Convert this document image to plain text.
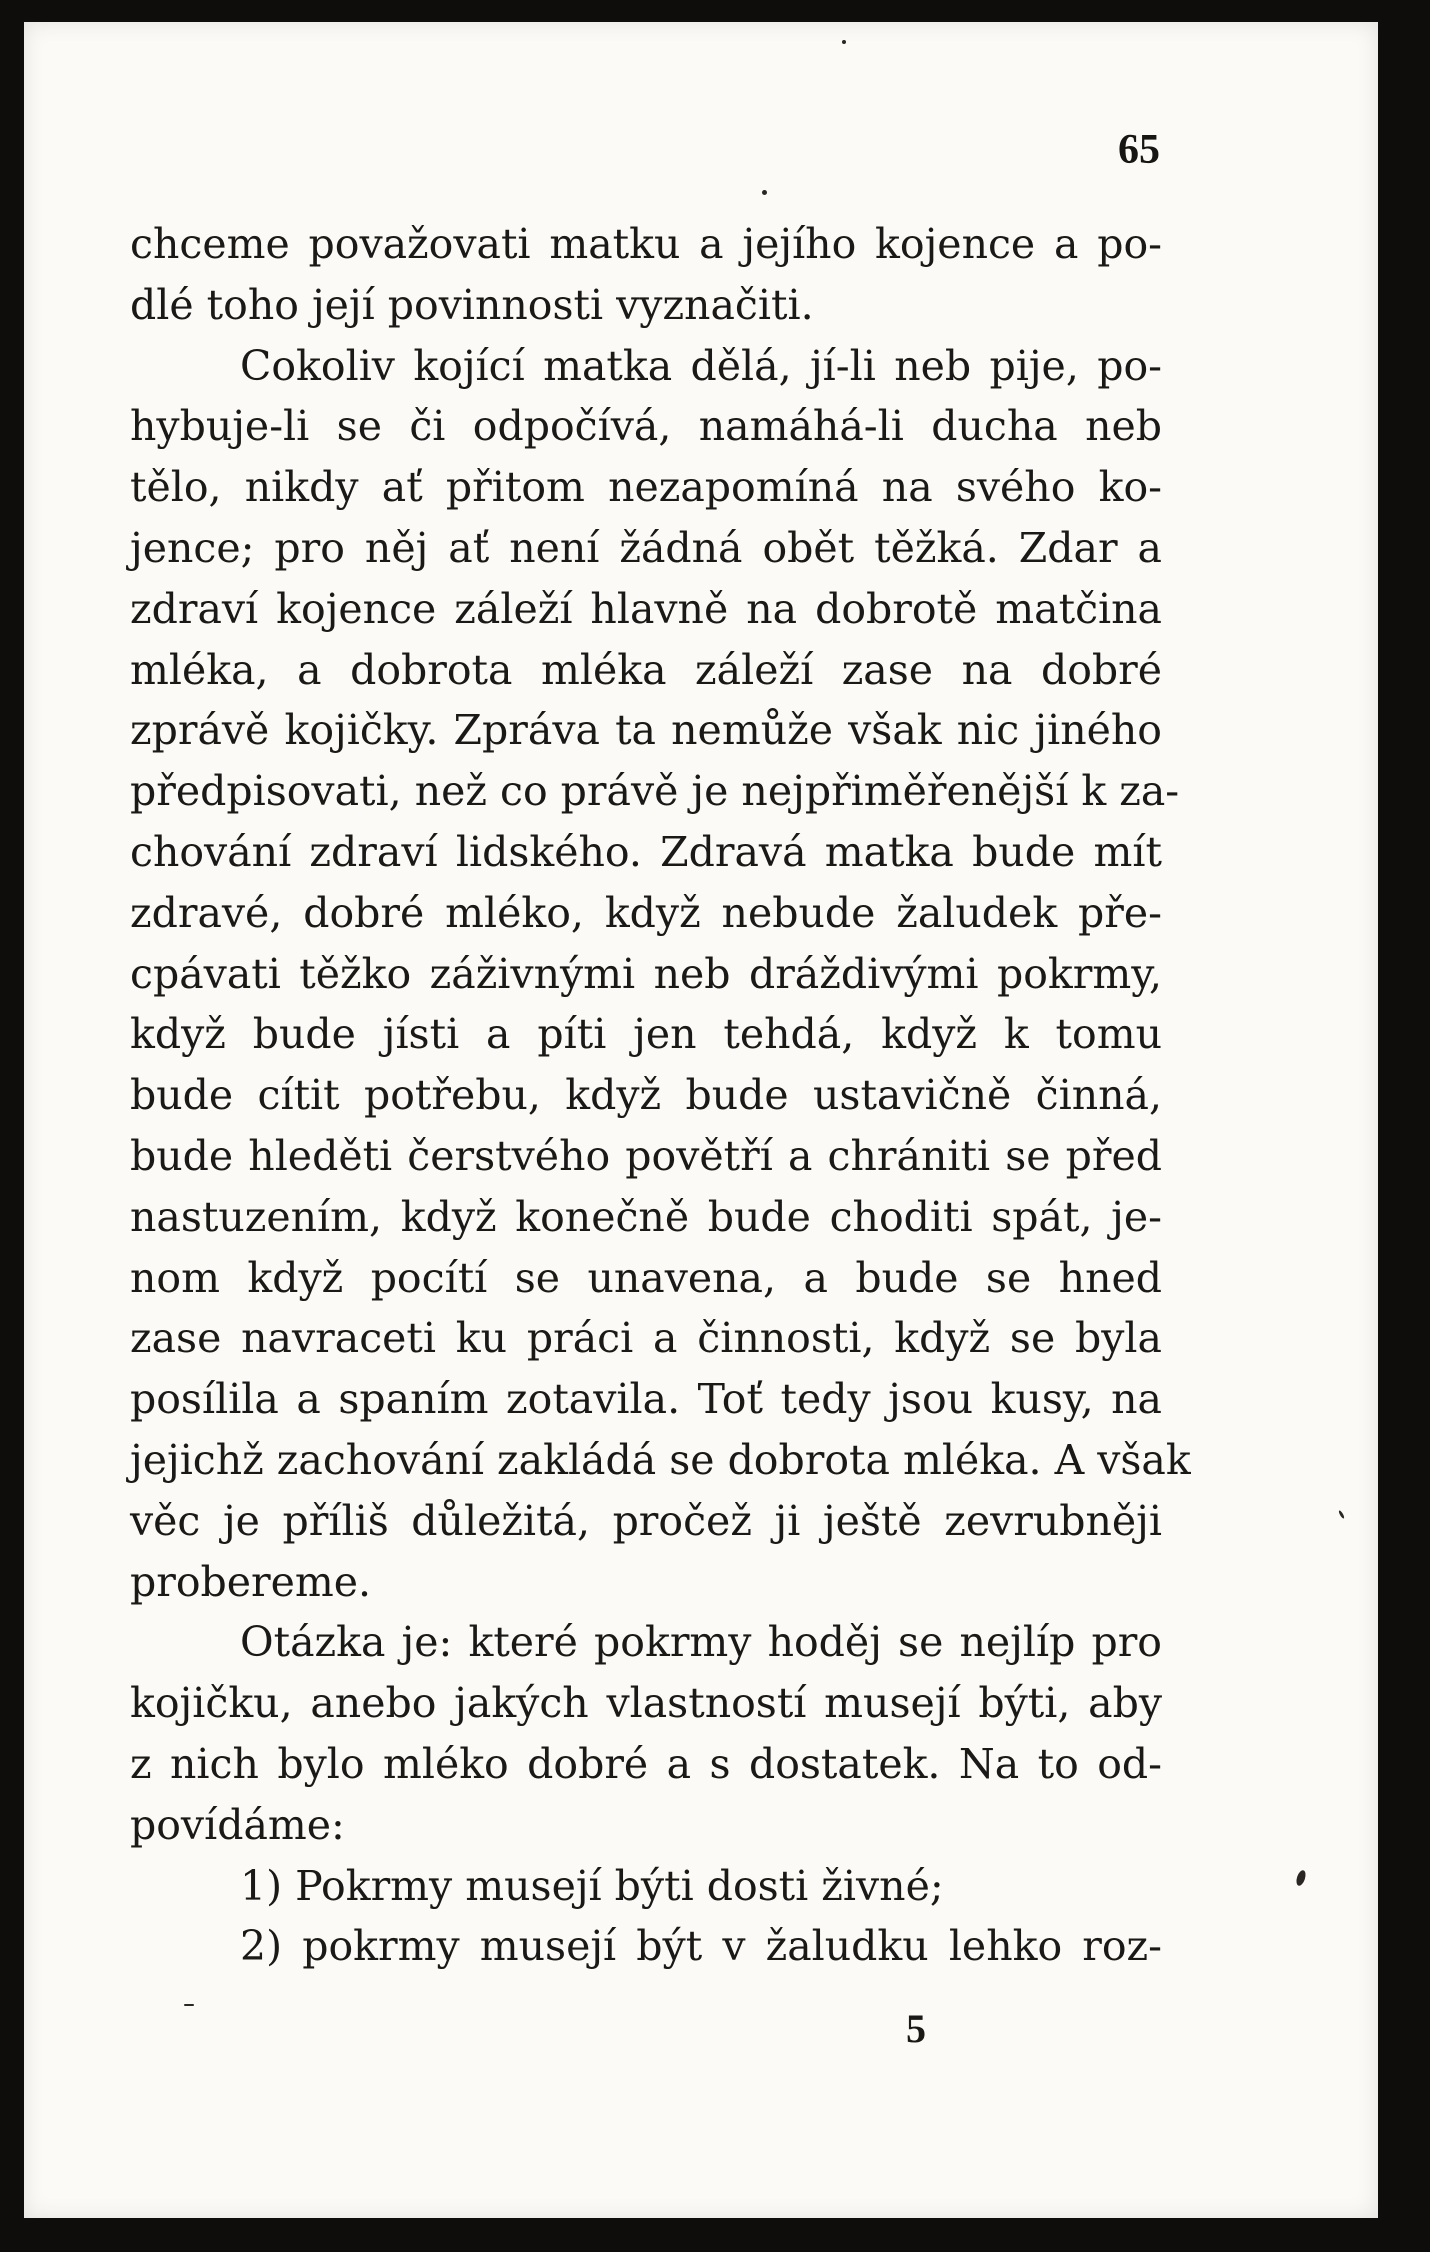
65
chceme považovati matku a jejího kojence a po-
dlé toho její povinnosti vyznačiti.
Cokoliv kojící matka dělá, jí-li neb pije, po-
hybuje-li se či odpočívá, namáhá-li ducha neb
tělo, nikdy ať přitom nezapomíná na svého ko-
jence; pro něj ať není žádná obět těžká. Zdar a
zdraví kojence záleží hlavně na dobrotě matčina
mléka, a dobrota mléka záleží zase na dobré
zprávě kojičky. Zpráva ta nemůže však nic jiného
předpisovati, než co právě je nejpřiměřenější k za-
chování zdraví lidského. Zdravá matka bude mít
zdravé, dobré mléko, když nebude žaludek pře-
cpávati těžko záživnými neb dráždivými pokrmy,
když bude jísti a píti jen tehdá, když k tomu
bude cítit potřebu, když bude ustavičně činná,
bude hleděti čerstvého povětří a chrániti se před
nastuzením, když konečně bude choditi spát, je-
nom když pocítí se unavena, a bude se hned
zase navraceti ku práci a činnosti, když se byla
posílila a spaním zotavila. Toť tedy jsou kusy, na
jejichž zachování zakládá se dobrota mléka. A však
věc je příliš důležitá, pročež ji ještě zevrubněji
probereme.
Otázka je: které pokrmy hoděj se nejlíp pro
kojičku, anebo jakých vlastností musejí býti, aby
z nich bylo mléko dobré a s dostatek. Na to od-
povídáme:
1) Pokrmy musejí býti dosti živné;
2) pokrmy musejí být v žaludku lehko roz-
5
